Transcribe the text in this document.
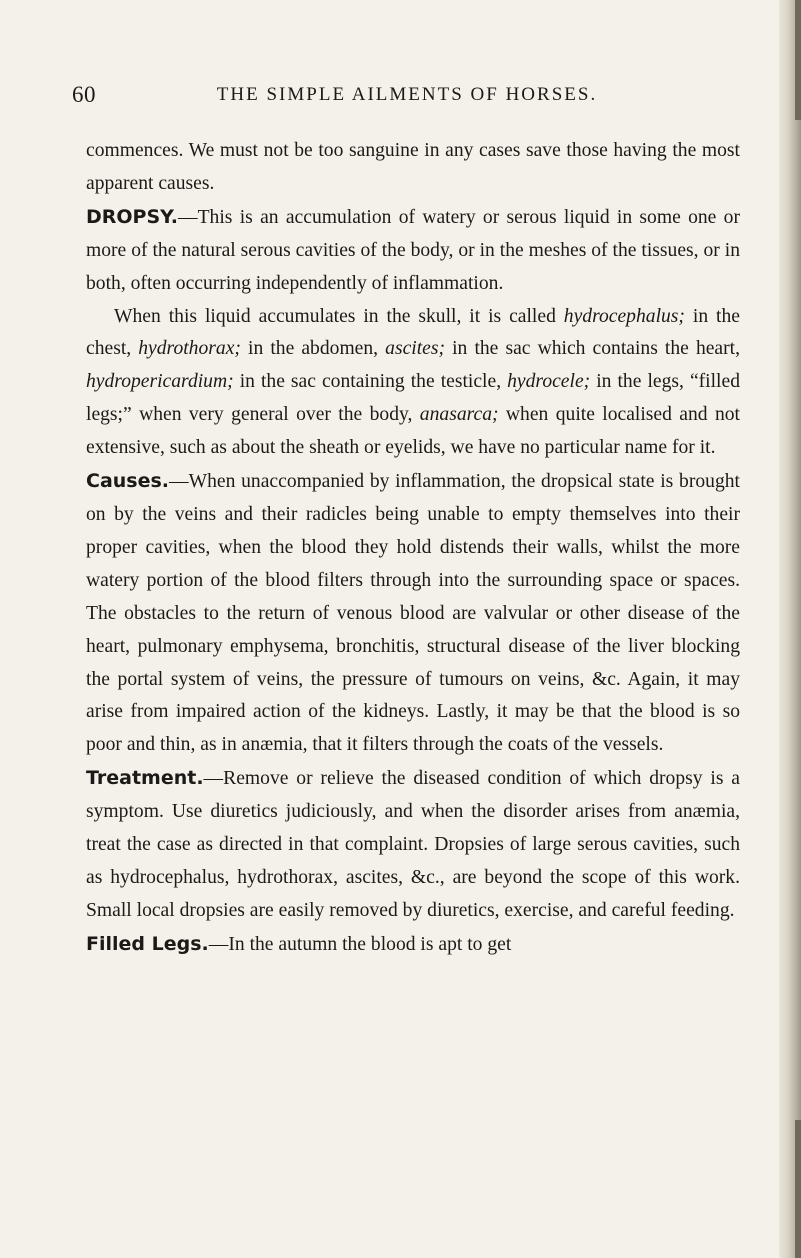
60	THE SIMPLE AILMENTS OF HORSES.

commences. We must not be too sanguine in any cases save those having the most apparent causes.

DROPSY.—This is an accumulation of watery or serous liquid in some one or more of the natural serous cavities of the body, or in the meshes of the tissues, or in both, often occurring independently of inflammation.

When this liquid accumulates in the skull, it is called hydrocephalus; in the chest, hydrothorax; in the abdomen, ascites; in the sac which contains the heart, hydropericardium; in the sac containing the testicle, hydrocele; in the legs, “filled legs;” when very general over the body, anasarca; when quite localised and not extensive, such as about the sheath or eyelids, we have no particular name for it.

Causes.—When unaccompanied by inflammation, the dropsical state is brought on by the veins and their radicles being unable to empty themselves into their proper cavities, when the blood they hold distends their walls, whilst the more watery portion of the blood filters through into the surrounding space or spaces. The obstacles to the return of venous blood are valvular or other disease of the heart, pulmonary emphysema, bronchitis, structural disease of the liver blocking the portal system of veins, the pressure of tumours on veins, &c. Again, it may arise from impaired action of the kidneys. Lastly, it may be that the blood is so poor and thin, as in anæmia, that it filters through the coats of the vessels.

Treatment.—Remove or relieve the diseased condition of which dropsy is a symptom. Use diuretics judiciously, and when the disorder arises from anæmia, treat the case as directed in that complaint. Dropsies of large serous cavities, such as hydrocephalus, hydrothorax, ascites, &c., are beyond the scope of this work. Small local dropsies are easily removed by diuretics, exercise, and careful feeding.

Filled Legs.—In the autumn the blood is apt to get
